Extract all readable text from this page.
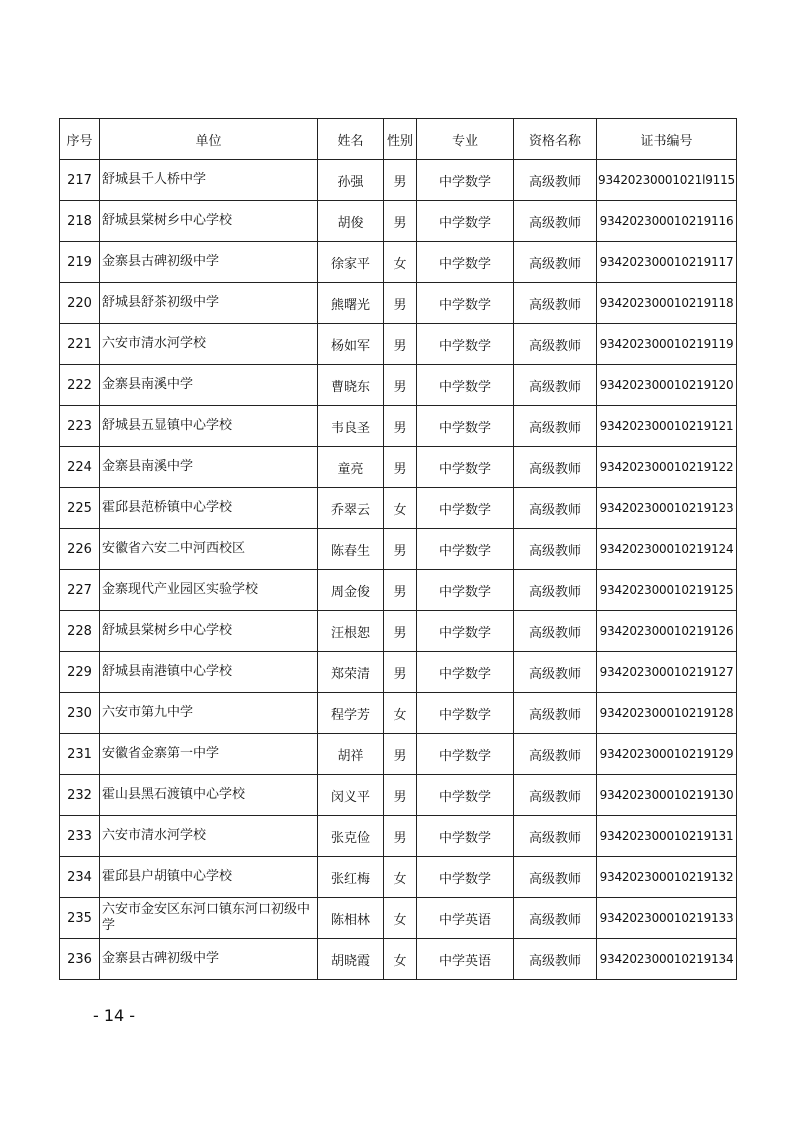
序号	单位	姓名	性别	专业	资格名称	证书编号
217	舒城县千人桥中学	孙强	男	中学数学	高级教师	93420230001021l9115
218	舒城县棠树乡中心学校	胡俊	男	中学数学	高级教师	934202300010219116
219	金寨县古碑初级中学	徐家平	女	中学数学	高级教师	934202300010219117
220	舒城县舒茶初级中学	熊曙光	男	中学数学	高级教师	934202300010219118
221	六安市清水河学校	杨如军	男	中学数学	高级教师	934202300010219119
222	金寨县南溪中学	曹晓东	男	中学数学	高级教师	934202300010219120
223	舒城县五显镇中心学校	韦良圣	男	中学数学	高级教师	934202300010219121
224	金寨县南溪中学	童亮	男	中学数学	高级教师	934202300010219122
225	霍邱县范桥镇中心学校	乔翠云	女	中学数学	高级教师	934202300010219123
226	安徽省六安二中河西校区	陈春生	男	中学数学	高级教师	934202300010219124
227	金寨现代产业园区实验学校	周金俊	男	中学数学	高级教师	934202300010219125
228	舒城县棠树乡中心学校	汪根恕	男	中学数学	高级教师	934202300010219126
229	舒城县南港镇中心学校	郑荣清	男	中学数学	高级教师	934202300010219127
230	六安市第九中学	程学芳	女	中学数学	高级教师	934202300010219128
231	安徽省金寨第一中学	胡祥	男	中学数学	高级教师	934202300010219129
232	霍山县黑石渡镇中心学校	闵义平	男	中学数学	高级教师	934202300010219130
233	六安市清水河学校	张克俭	男	中学数学	高级教师	934202300010219131
234	霍邱县户胡镇中心学校	张红梅	女	中学数学	高级教师	934202300010219132
235	六安市金安区东河口镇东河口初级中学	陈相林	女	中学英语	高级教师	934202300010219133
236	金寨县古碑初级中学	胡晓霞	女	中学英语	高级教师	934202300010219134
- 14 -
